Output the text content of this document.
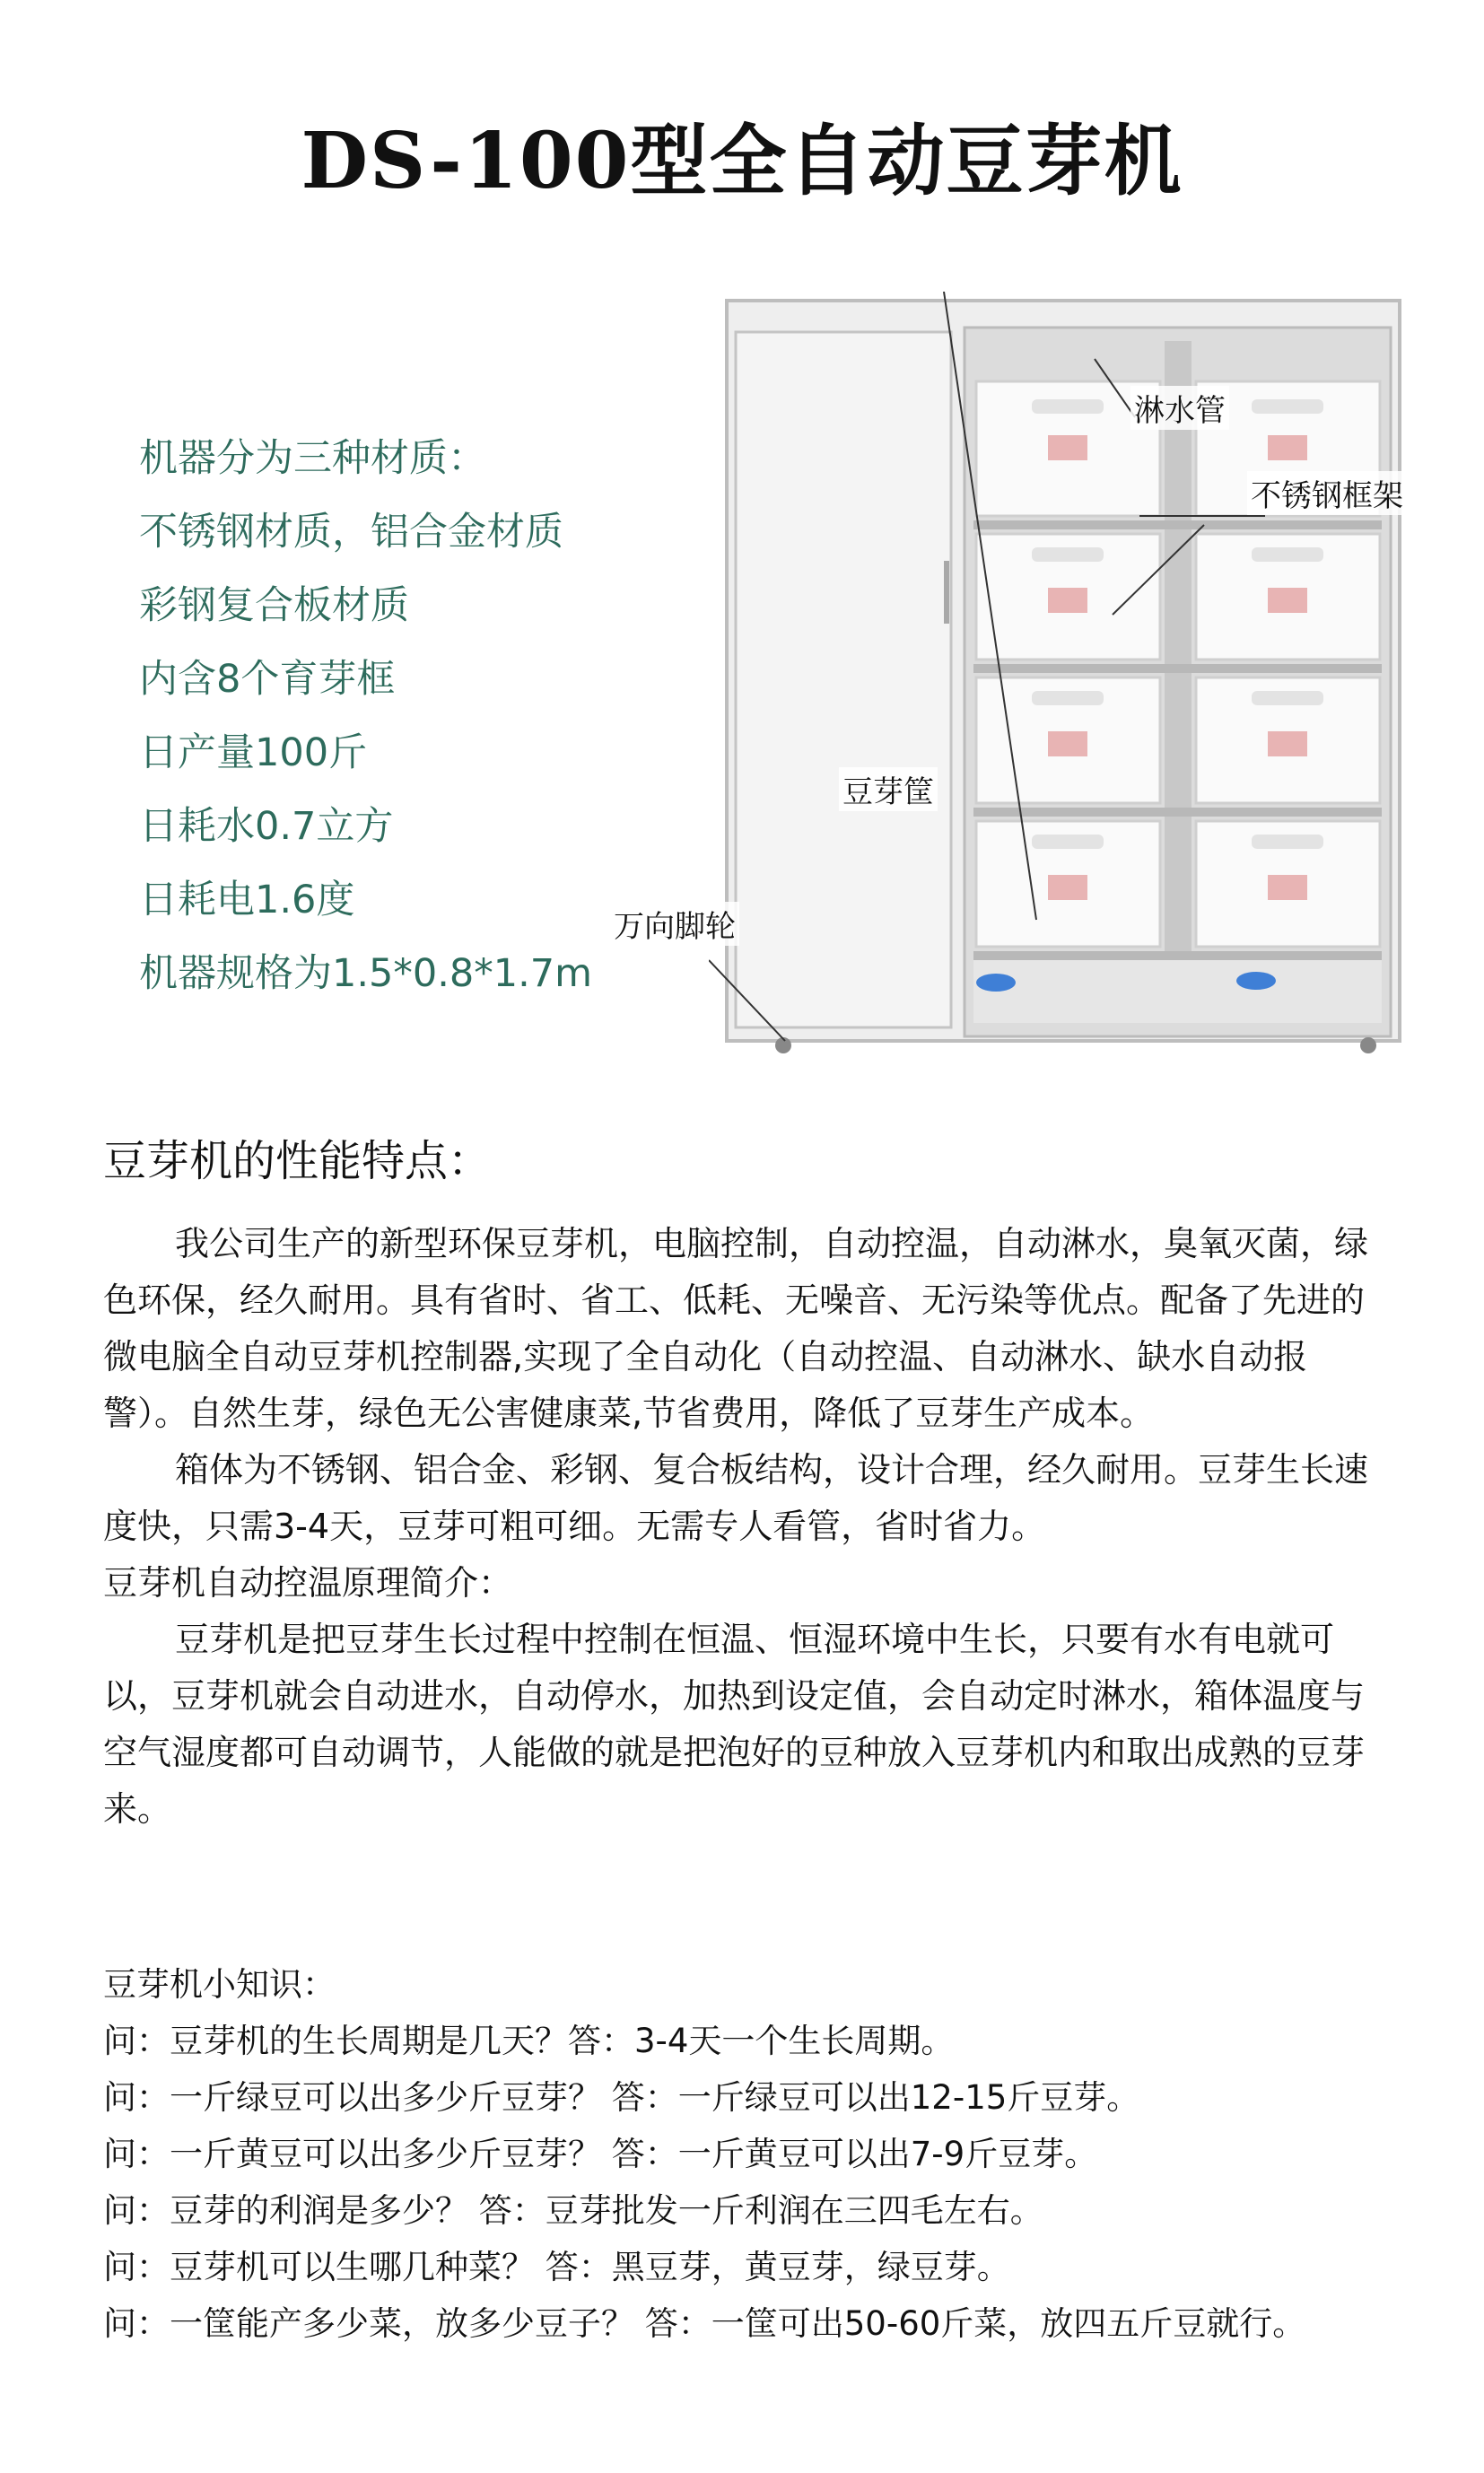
DS-100型全自动豆芽机
机器分为三种材质：
不锈钢材质，铝合金材质
彩钢复合板材质
内含8个育芽框
日产量100斤
日耗水0.7立方
日耗电1.6度
机器规格为1.5*0.8*1.7m
淋水管
不锈钢框架
豆芽筐
万向脚轮
豆芽机的性能特点：

我公司生产的新型环保豆芽机，电脑控制，自动控温，自动淋水，臭氧灭菌，绿色环保，经久耐用。具有省时、省工、低耗、无噪音、无污染等优点。配备了先进的微电脑全自动豆芽机控制器,实现了全自动化（自动控温、自动淋水、缺水自动报警）。自然生芽，绿色无公害健康菜,节省费用，降低了豆芽生产成本。

箱体为不锈钢、铝合金、彩钢、复合板结构，设计合理，经久耐用。豆芽生长速度快，只需3-4天，豆芽可粗可细。无需专人看管，省时省力。

豆芽机自动控温原理简介：

豆芽机是把豆芽生长过程中控制在恒温、恒湿环境中生长，只要有水有电就可以，豆芽机就会自动进水，自动停水，加热到设定值，会自动定时淋水，箱体温度与空气湿度都可自动调节，人能做的就是把泡好的豆种放入豆芽机内和取出成熟的豆芽来。

豆芽机小知识：
问：豆芽机的生长周期是几天？答：3-4天一个生长周期。
问：一斤绿豆可以出多少斤豆芽？ 答：一斤绿豆可以出12-15斤豆芽。
问：一斤黄豆可以出多少斤豆芽？ 答：一斤黄豆可以出7-9斤豆芽。
问：豆芽的利润是多少？ 答：豆芽批发一斤利润在三四毛左右。
问：豆芽机可以生哪几种菜？ 答：黑豆芽，黄豆芽，绿豆芽。
问：一筐能产多少菜，放多少豆子？ 答：一筐可出50-60斤菜，放四五斤豆就行。
